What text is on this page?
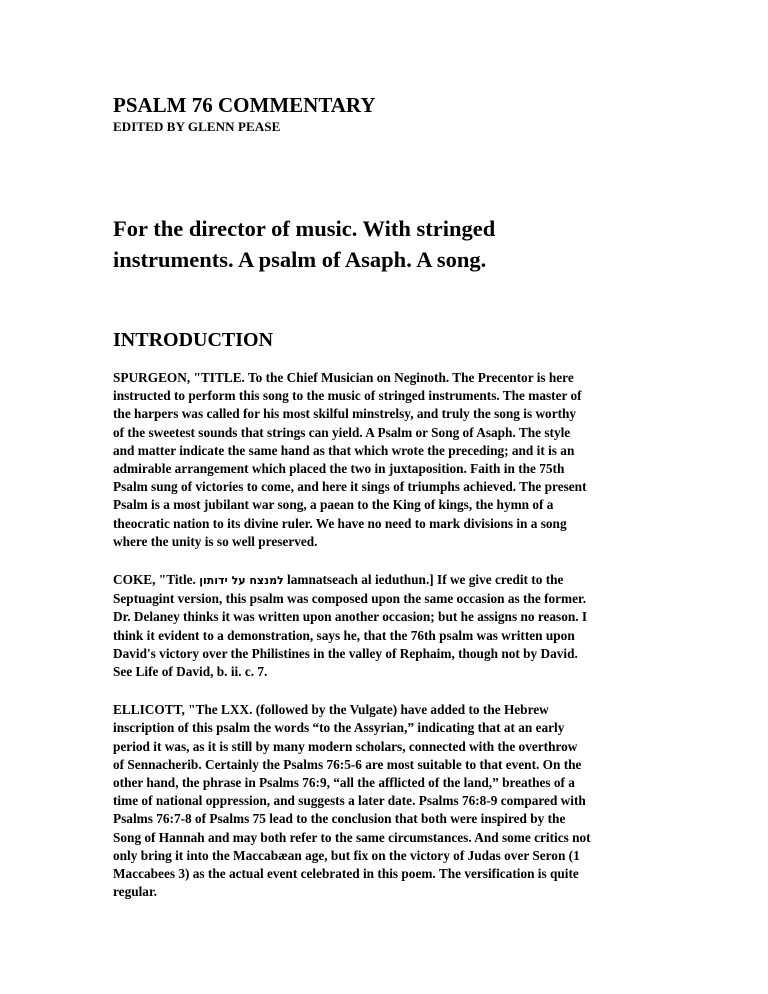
PSALM 76 COMMENTARY
EDITED BY GLENN PEASE
For the director of music. With stringed
instruments. A psalm of Asaph. A song.
INTRODUCTION
SPURGEON, "TITLE. To the Chief Musician on Neginoth. The Precentor is here
instructed to perform this song to the music of stringed instruments. The master of
the harpers was called for his most skilful minstrelsy, and truly the song is worthy
of the sweetest sounds that strings can yield. A Psalm or Song of Asaph. The style
and matter indicate the same hand as that which wrote the preceding; and it is an
admirable arrangement which placed the two in juxtaposition. Faith in the 75th
Psalm sung of victories to come, and here it sings of triumphs achieved. The present
Psalm is a most jubilant war song, a paean to the King of kings, the hymn of a
theocratic nation to its divine ruler. We have no need to mark divisions in a song
where the unity is so well preserved.
COKE, "Title. למנצח על ידותון lamnatseach al ieduthun.] If we give credit to the
Septuagint version, this psalm was composed upon the same occasion as the former.
Dr. Delaney thinks it was written upon another occasion; but he assigns no reason. I
think it evident to a demonstration, says he, that the 76th psalm was written upon
David's victory over the Philistines in the valley of Rephaim, though not by David.
See Life of David, b. ii. c. 7.
ELLICOTT, "The LXX. (followed by the Vulgate) have added to the Hebrew
inscription of this psalm the words “to the Assyrian,” indicating that at an early
period it was, as it is still by many modern scholars, connected with the overthrow
of Sennacherib. Certainly the Psalms 76:5-6 are most suitable to that event. On the
other hand, the phrase in Psalms 76:9, “all the afflicted of the land,” breathes of a
time of national oppression, and suggests a later date. Psalms 76:8-9 compared with
Psalms 76:7-8 of Psalms 75 lead to the conclusion that both were inspired by the
Song of Hannah and may both refer to the same circumstances. And some critics not
only bring it into the Maccabæan age, but fix on the victory of Judas over Seron (1
Maccabees 3) as the actual event celebrated in this poem. The versification is quite
regular.
